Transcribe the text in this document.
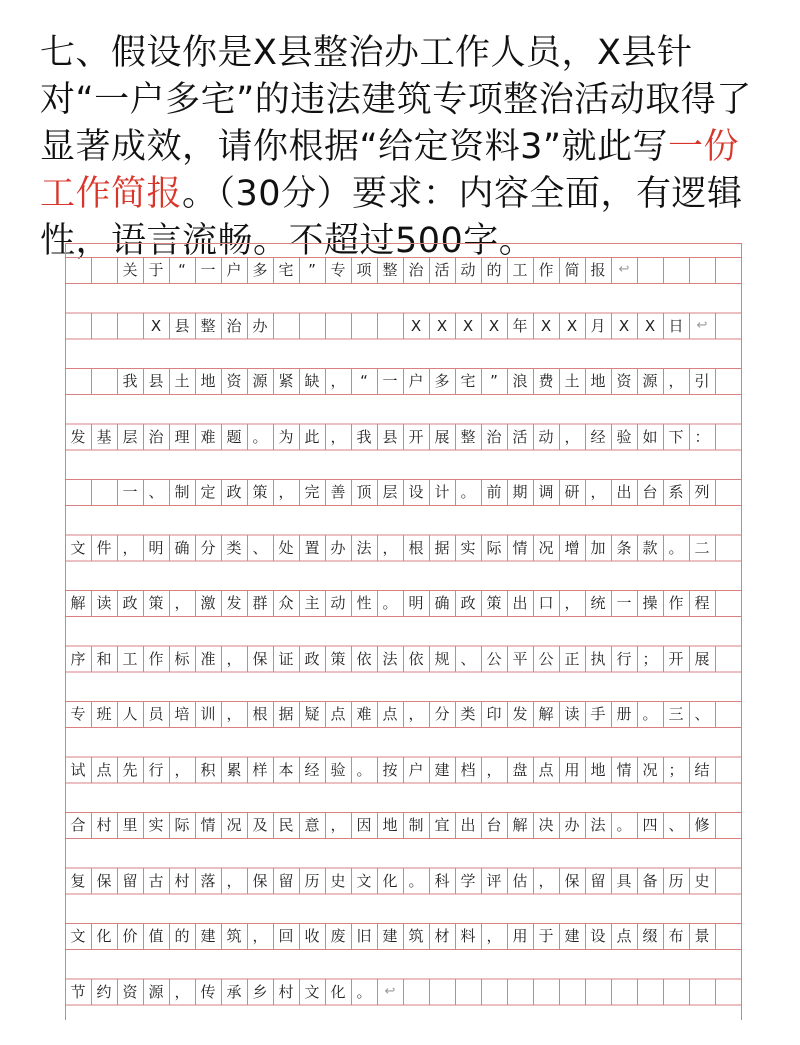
七、假设你是X县整治办工作人员，X县针对“一户多宅”的违法建筑专项整治活动取得了显著成效，请你根据“给定资料3”就此写一份工作简报。（30分）要求：内容全面，有逻辑性，语言流畅。不超过500字。
关 于 “ 一 户 多 宅 ” 专 项 整 治 活 动 的 工 作 简 报	↩
X 县 整 治 办	X	X	X	X 年 X	X 月 X	X 日	↩
我 县 土 地 资 源 紧 缺 ， “ 一 户 多 宅 ” 浪 费 土 地 资 源 ， 引
发 基 层 治 理 难 题 。 为 此 ， 我 县 开 展 整 治 活 动 ， 经 验 如 下 ：
一 、 制 定 政 策 ， 完 善 顶 层 设 计 。 前 期 调 研 ， 出 台 系 列
文 件 ， 明 确 分 类 、 处 置 办 法 ， 根 据 实 际 情 况 增 加 条 款 。 二
解 读 政 策 ， 激 发 群 众 主 动 性 。 明 确 政 策 出 口 ， 统 一 操 作 程
序 和 工 作 标 准 ， 保 证 政 策 依 法 依 规 、 公 平 公 正 执 行 ； 开 展
专 班 人 员 培 训 ， 根 据 疑 点 难 点 ， 分 类 印 发 解 读 手 册 。 三 、
试 点 先 行 ， 积 累 样 本 经 验 。 按 户 建 档 ， 盘 点 用 地 情 况 ； 结
合 村 里 实 际 情 况 及 民 意 ， 因 地 制 宜 出 台 解 决 办 法 。 四 、 修
复 保 留 古 村 落 ， 保 留 历 史 文 化 。 科 学 评 估 ， 保 留 具 备 历 史
文 化 价 值 的 建 筑 ， 回 收 废 旧 建 筑 材 料 ， 用 于 建 设 点 缀 布 景
节 约 资 源 ， 传 承 乡 村 文 化 。	↩
